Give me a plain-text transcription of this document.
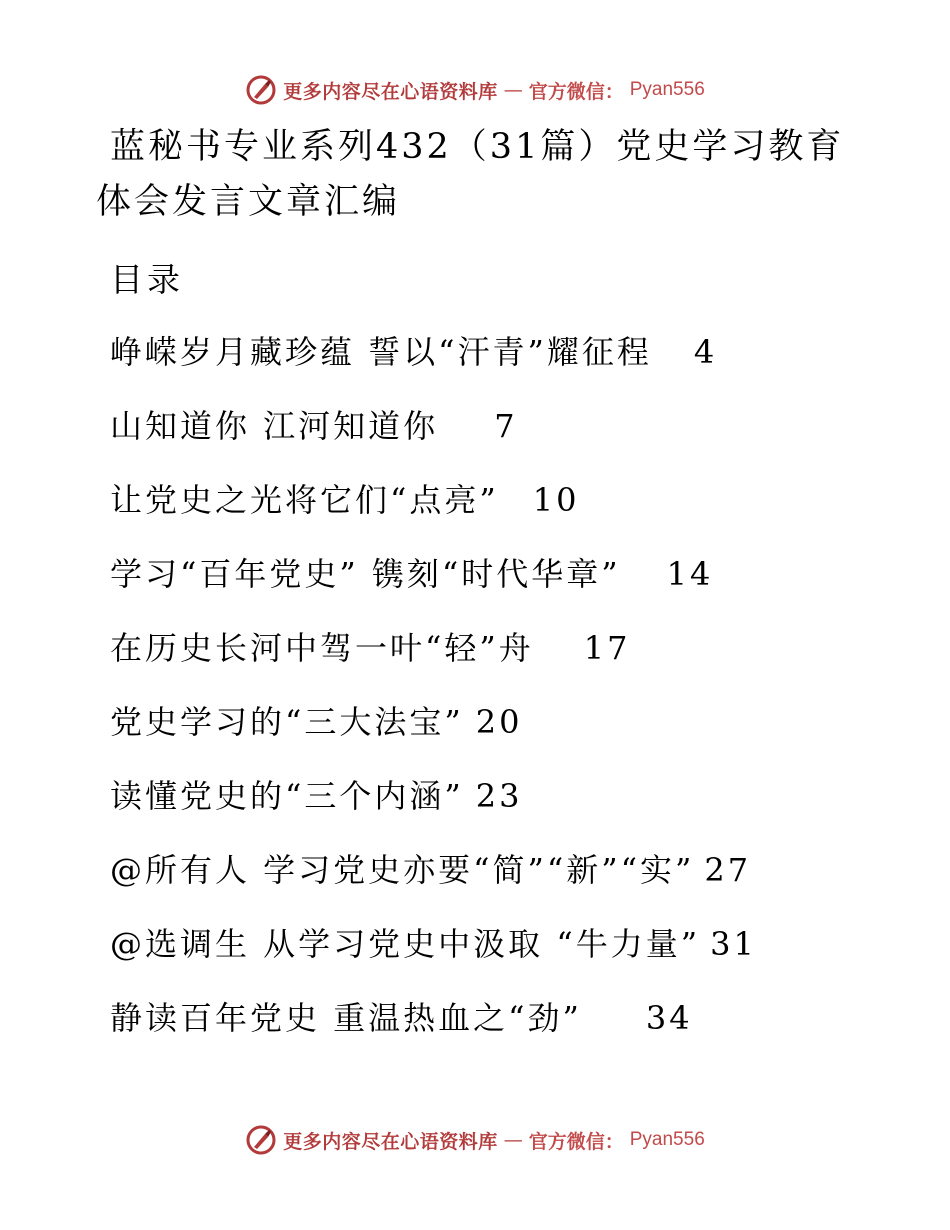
更多内容尽在心语资料库 — 官方微信： Pyan556
蓝秘书专业系列432（31篇）党史学习教育体会发言文章汇编
目录
峥嵘岁月藏珍蕴 誓以“汗青”耀征程 4
山知道你 江河知道你 7
让党史之光将它们“点亮” 10
学习“百年党史” 镌刻“时代华章” 14
在历史长河中驾一叶“轻”舟 17
党史学习的“三大法宝” 20
读懂党史的“三个内涵” 23
@所有人 学习党史亦要“简”“新”“实” 27
@选调生 从学习党史中汲取 “牛力量” 31
静读百年党史 重温热血之“劲” 34
更多内容尽在心语资料库 — 官方微信： Pyan556
